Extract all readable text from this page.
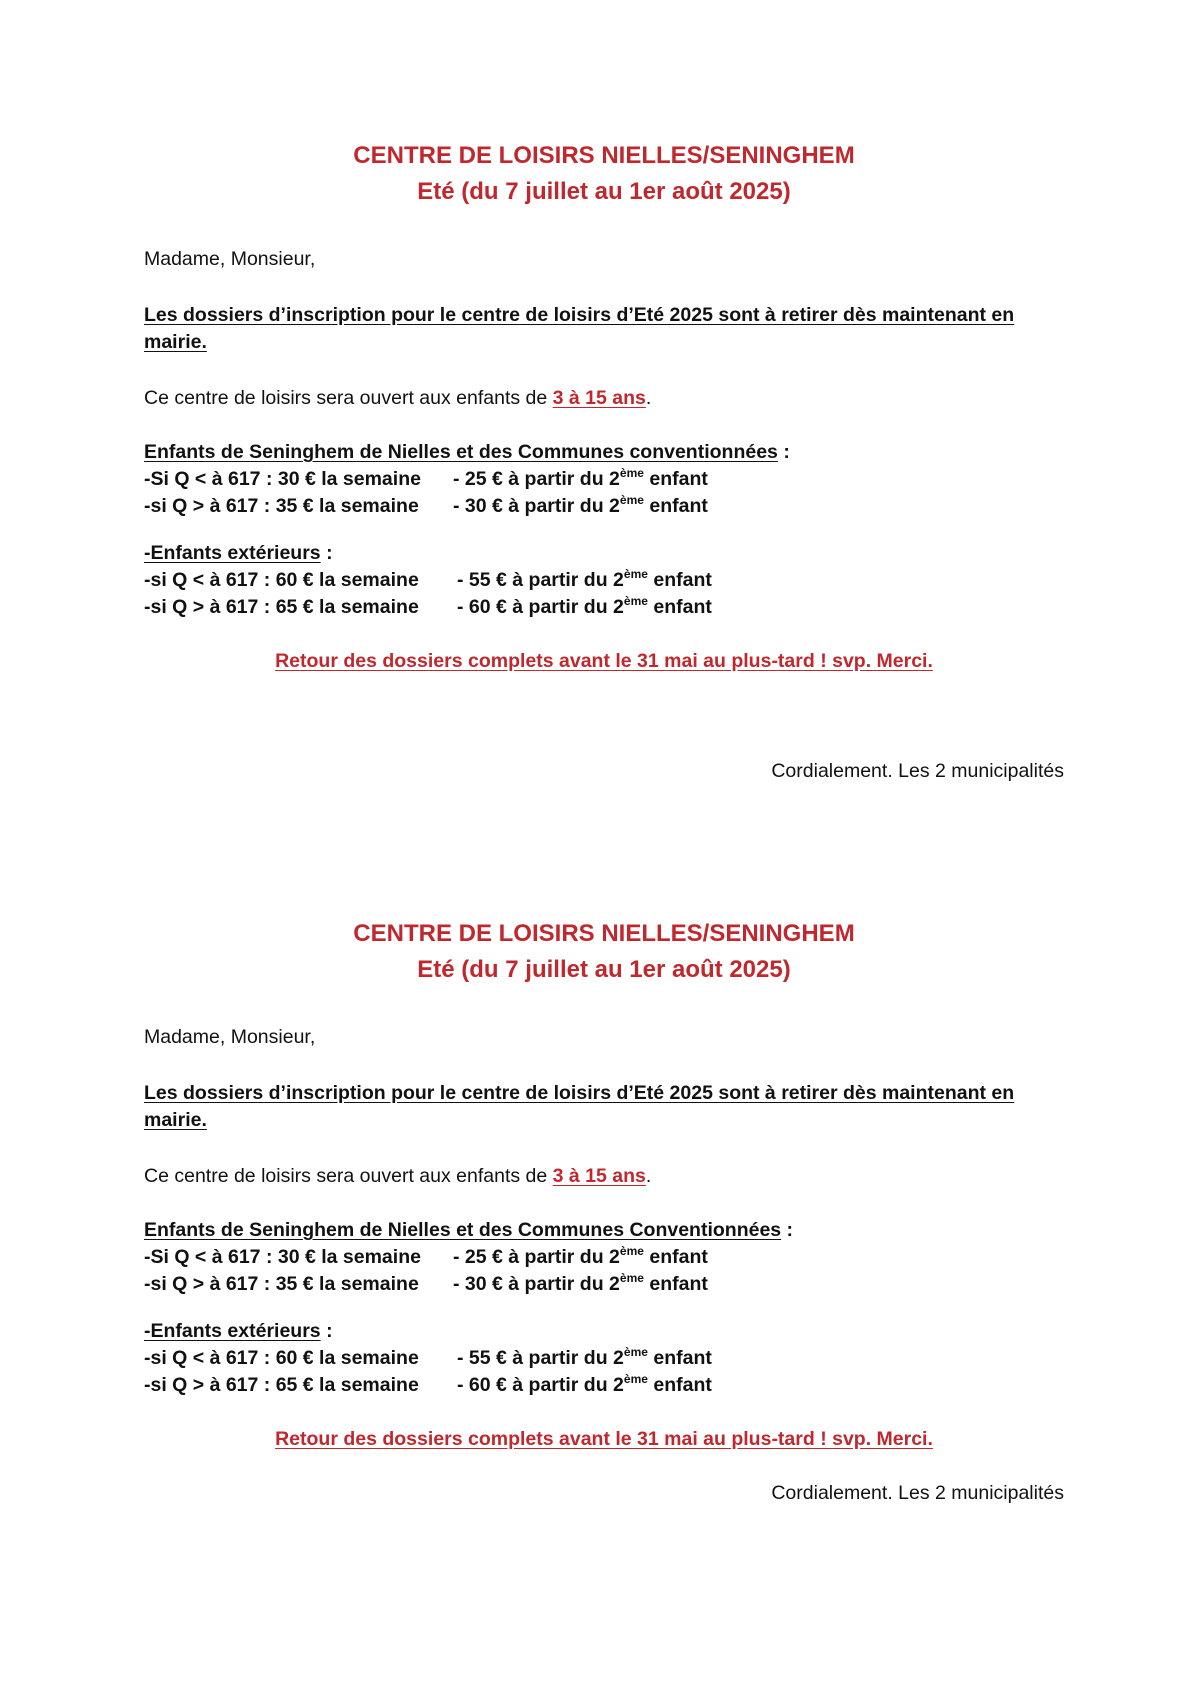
CENTRE DE LOISIRS NIELLES/SENINGHEM
Eté (du 7 juillet au 1er août 2025)
Madame, Monsieur,
Les dossiers d’inscription pour le centre de loisirs d’Eté 2025 sont à retirer dès maintenant en
mairie.
Ce centre de loisirs sera ouvert aux enfants de 3 à 15 ans.
Enfants de Seninghem de Nielles et des Communes conventionnées :
-Si Q < à 617 : 30 € la semaine - 25 € à partir du 2ème enfant
-si Q > à 617 : 35 € la semaine - 30 € à partir du 2ème enfant
-Enfants extérieurs :
-si Q < à 617 : 60 € la semaine - 55 € à partir du 2ème enfant
-si Q > à 617 : 65 € la semaine - 60 € à partir du 2ème enfant
Retour des dossiers complets avant le 31 mai au plus-tard ! svp. Merci.
Cordialement. Les 2 municipalités
CENTRE DE LOISIRS NIELLES/SENINGHEM
Eté (du 7 juillet au 1er août 2025)
Madame, Monsieur,
Les dossiers d’inscription pour le centre de loisirs d’Eté 2025 sont à retirer dès maintenant en
mairie.
Ce centre de loisirs sera ouvert aux enfants de 3 à 15 ans.
Enfants de Seninghem de Nielles et des Communes Conventionnées :
-Si Q < à 617 : 30 € la semaine - 25 € à partir du 2ème enfant
-si Q > à 617 : 35 € la semaine - 30 € à partir du 2ème enfant
-Enfants extérieurs :
-si Q < à 617 : 60 € la semaine - 55 € à partir du 2ème enfant
-si Q > à 617 : 65 € la semaine - 60 € à partir du 2ème enfant
Retour des dossiers complets avant le 31 mai au plus-tard ! svp. Merci.
Cordialement. Les 2 municipalités
